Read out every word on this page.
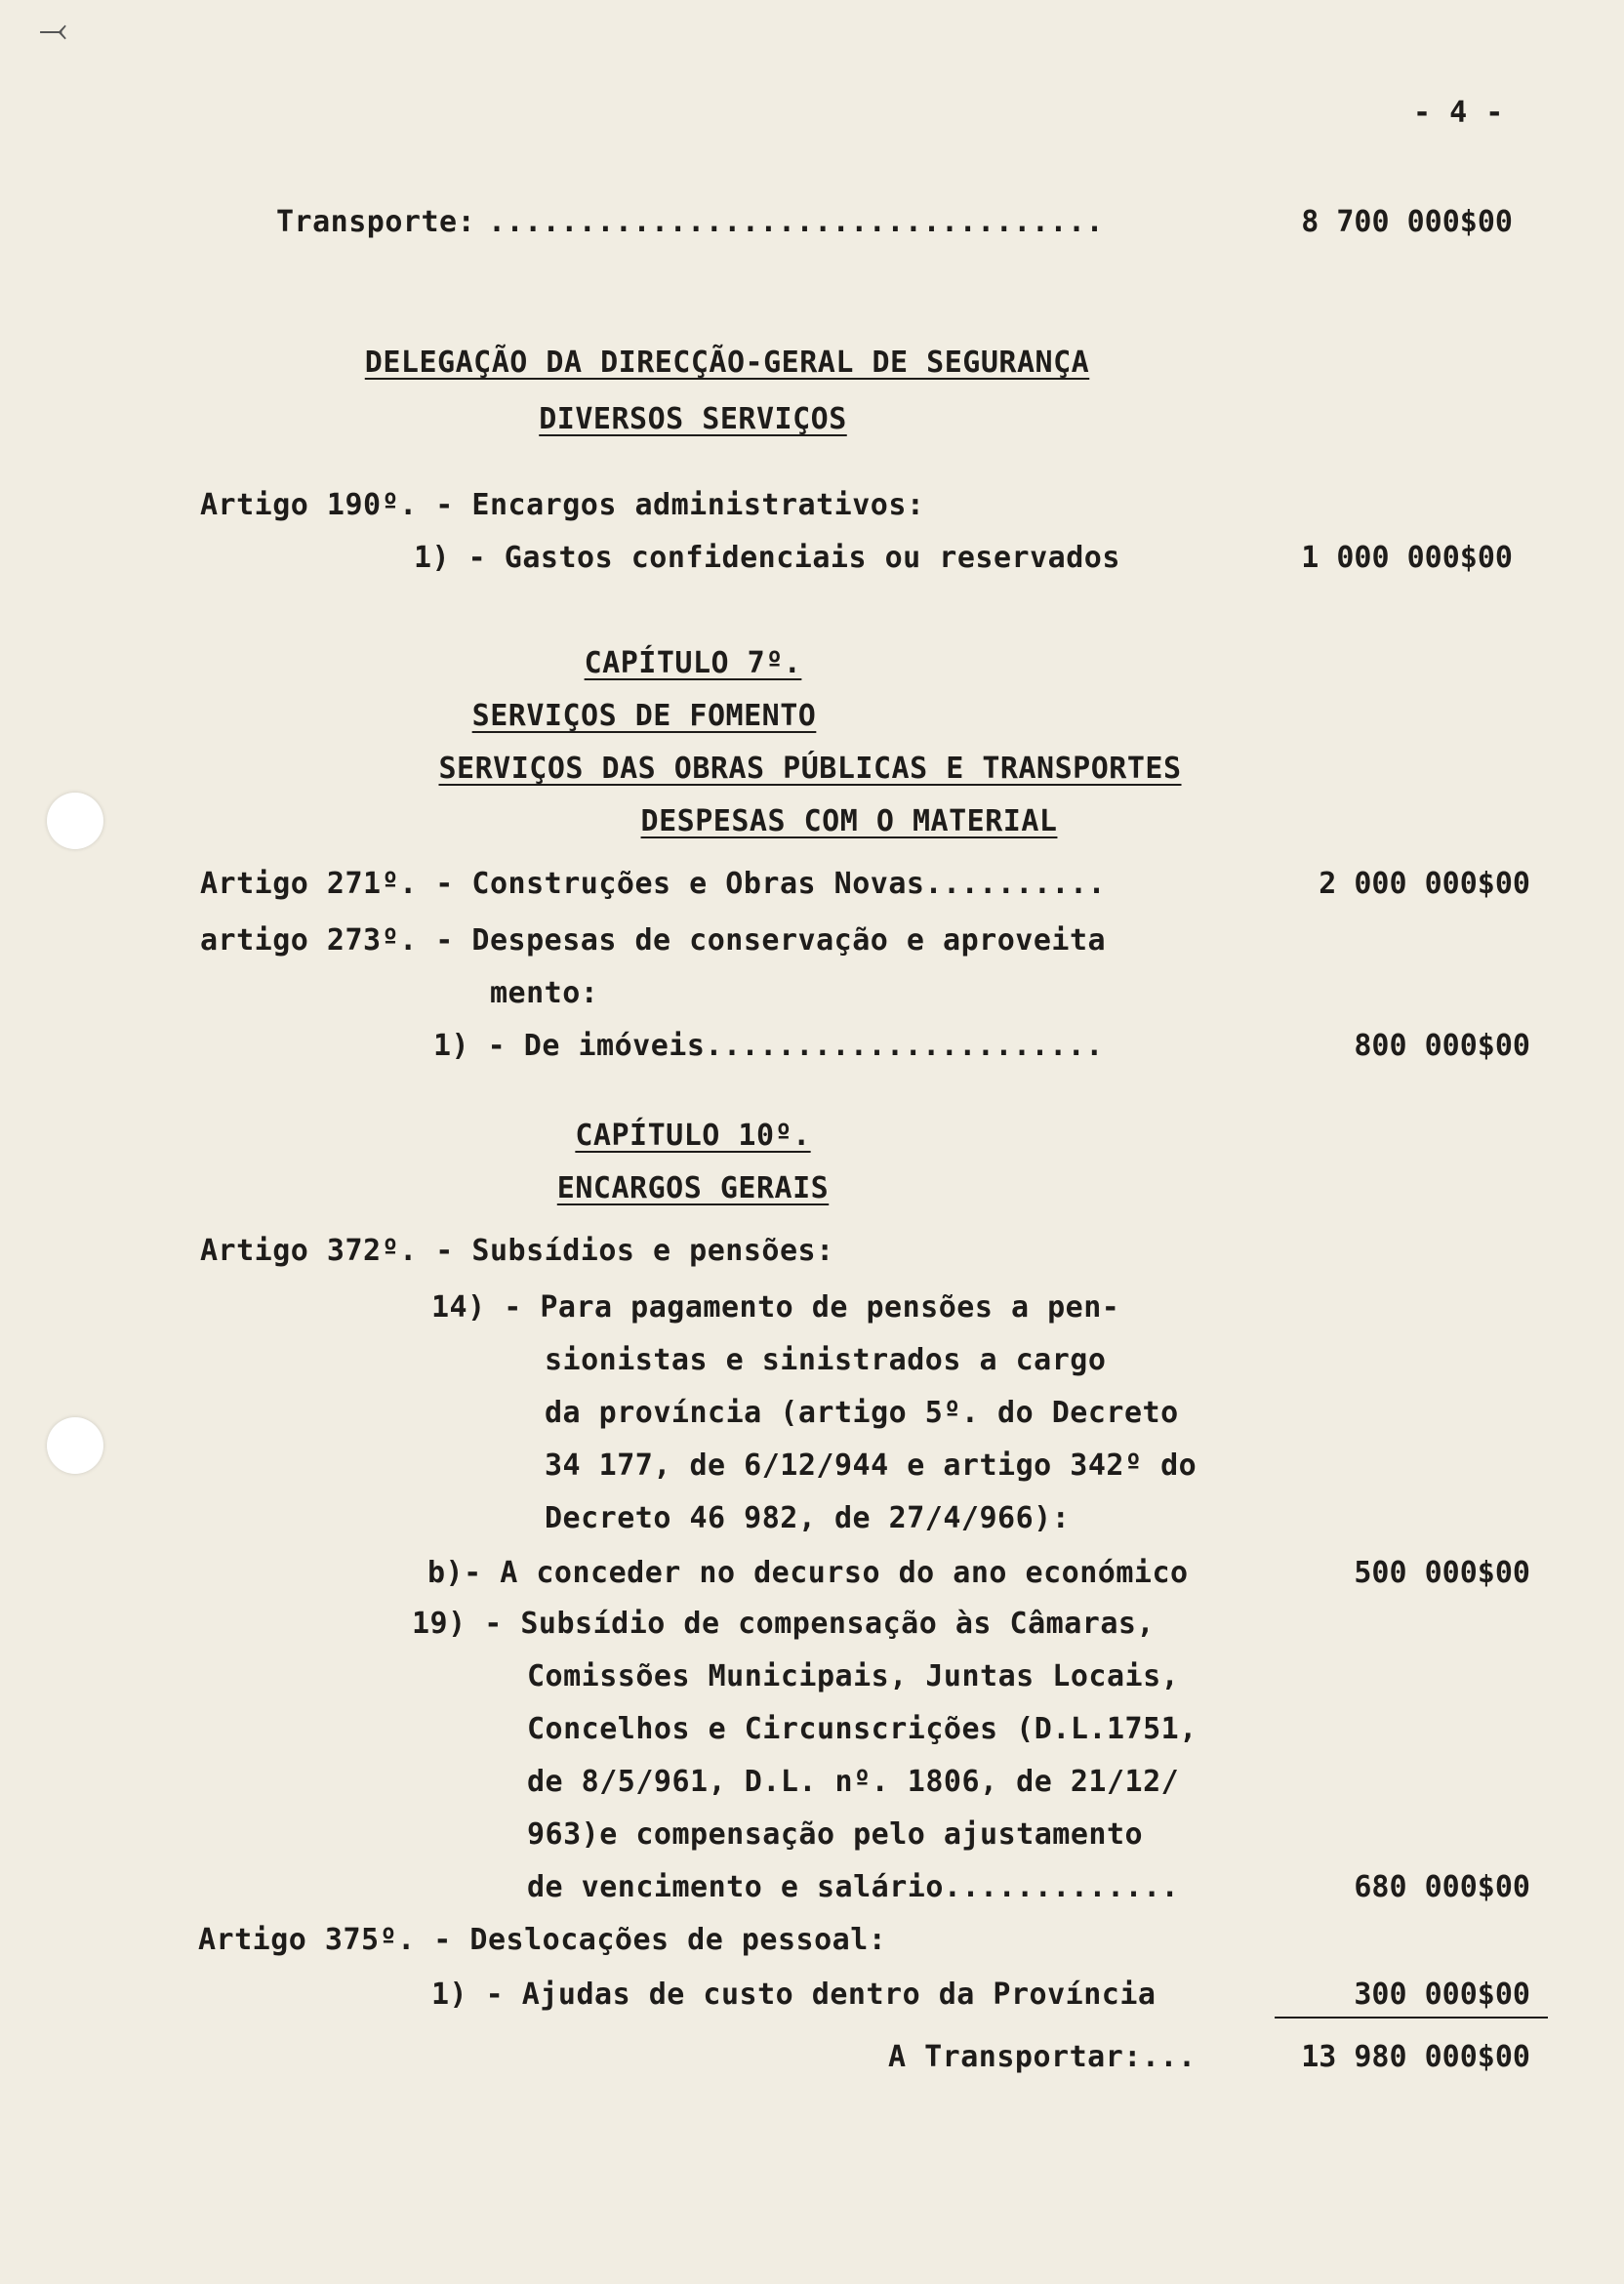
⤙
- 4 -
Transporte: ..................................	8 700 000$00
DELEGAÇÃO DA DIRECÇÃO-GERAL DE SEGURANÇA
DIVERSOS SERVIÇOS
Artigo 190º. - Encargos administrativos:
1) - Gastos confidenciais ou reservados	1 000 000$00
CAPÍTULO 7º.
SERVIÇOS DE FOMENTO
SERVIÇOS DAS OBRAS PÚBLICAS E TRANSPORTES
DESPESAS COM O MATERIAL
Artigo 271º. - Construções e Obras Novas..........	2 000 000$00
artigo 273º. - Despesas de conservação e aproveita
mento:
1) - De imóveis......................	800 000$00
CAPÍTULO 10º.
ENCARGOS GERAIS
Artigo 372º. - Subsídios e pensões:
14) - Para pagamento de pensões a pen-
sionistas e sinistrados a cargo
da província (artigo 5º. do Decreto
34 177, de 6/12/944 e artigo 342º do
Decreto 46 982, de 27/4/966):
b)- A conceder no decurso do ano económico	500 000$00
19) - Subsídio de compensação às Câmaras,
Comissões Municipais, Juntas Locais,
Concelhos e Circunscrições (D.L.1751,
de 8/5/961, D.L. nº. 1806, de 21/12/
963)e compensação pelo ajustamento
de vencimento e salário.............	680 000$00
Artigo 375º. - Deslocações de pessoal:
1) - Ajudas de custo dentro da Província	300 000$00
A Transportar:...	13 980 000$00
